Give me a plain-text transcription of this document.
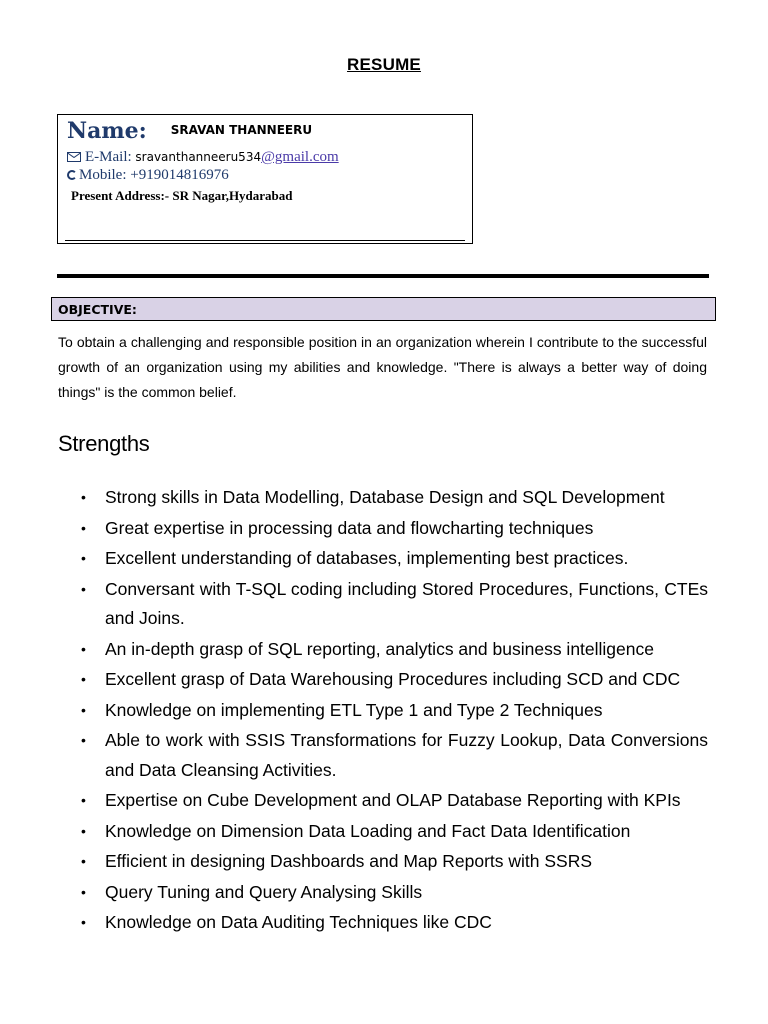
RESUME
Name: $^{SRAVAN THANNEERU}$
E-Mail: sravanthanneeru534@gmail.com
Mobile: +919014816976
Present Address:- SR Nagar,Hydarabad
OBJECTIVE:
To obtain a challenging and responsible position in an organization wherein I contribute to the successful growth of an organization using my abilities and knowledge. "There is always a better way of doing things" is the common belief.
Strengths
• Strong skills in Data Modelling, Database Design and SQL Development
• Great expertise in processing data and flowcharting techniques
• Excellent understanding of databases, implementing best practices.
• Conversant with T-SQL coding including Stored Procedures, Functions, CTEs and Joins.
• An in-depth grasp of SQL reporting, analytics and business intelligence
• Excellent grasp of Data Warehousing Procedures including SCD and CDC
• Knowledge on implementing ETL Type 1 and Type 2 Techniques
• Able to work with SSIS Transformations for Fuzzy Lookup, Data Conversions and Data Cleansing Activities.
• Expertise on Cube Development and OLAP Database Reporting with KPIs
• Knowledge on Dimension Data Loading and Fact Data Identification
• Efficient in designing Dashboards and Map Reports with SSRS
• Query Tuning and Query Analysing Skills
• Knowledge on Data Auditing Techniques like CDC
